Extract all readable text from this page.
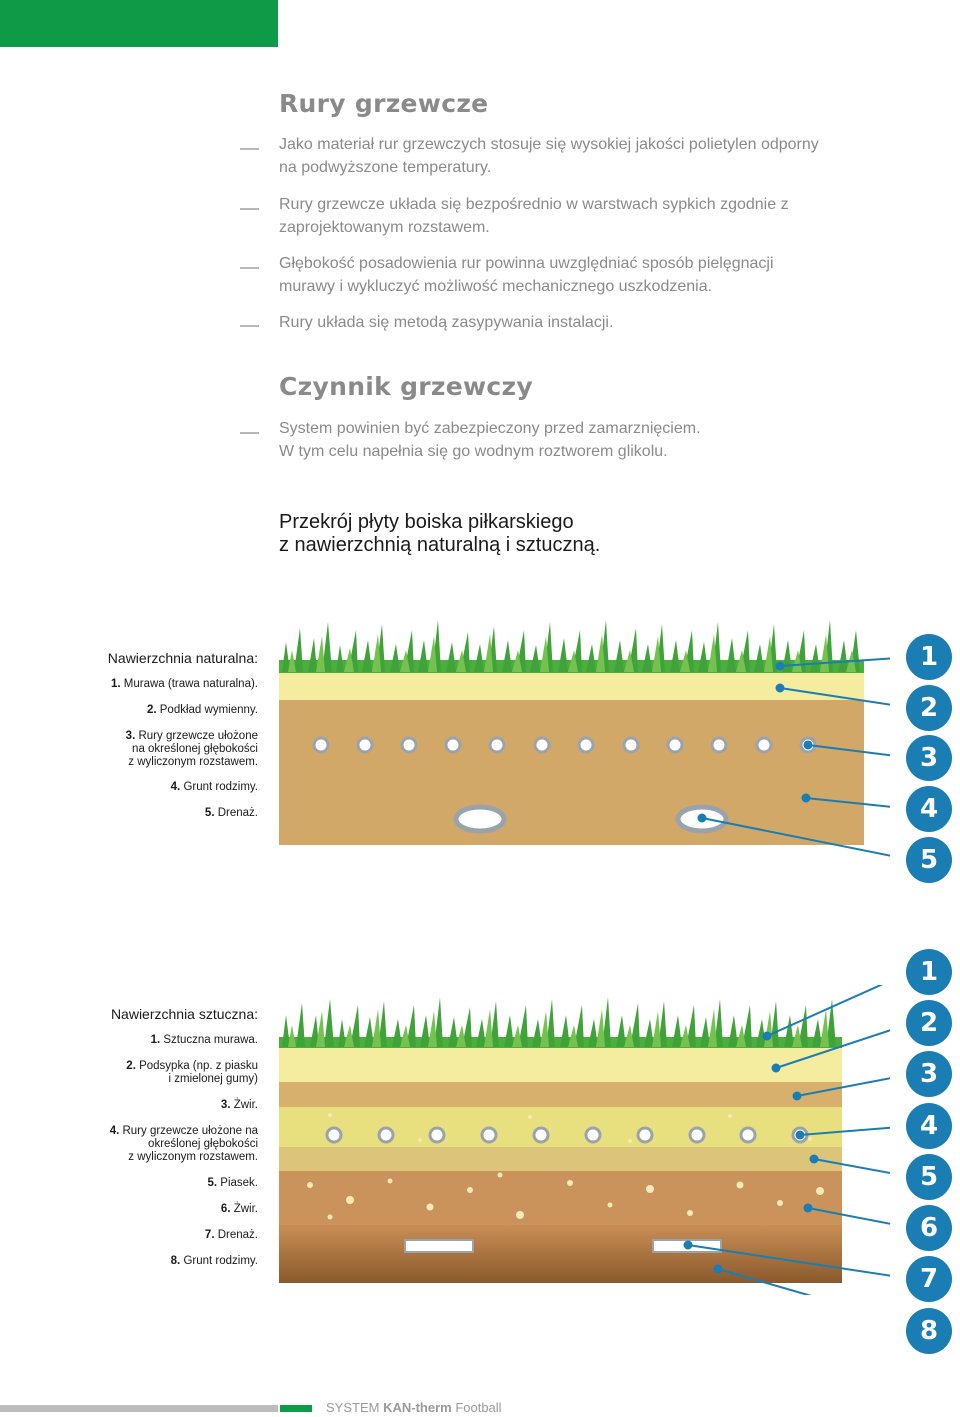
Rury grzewcze

Jako materiał rur grzewczych stosuje się wysokiej jakości polietylen odporny na podwyższone temperatury.

Rury grzewcze układa się bezpośrednio w warstwach sypkich zgodnie z zaprojektowanym rozstawem.

Głębokość posadowienia rur powinna uwzględniać sposób pielęgnacji murawy i wykluczyć możliwość mechanicznego uszkodzenia.

Rury układa się metodą zasypywania instalacji.

Czynnik grzewczy

System powinien być zabezpieczony przed zamarznięciem. W tym celu napełnia się go wodnym roztworem glikolu.

Przekrój płyty boiska piłkarskiego
z nawierzchnią naturalną i sztuczną.
Nawierzchnia naturalna:
1. Murawa (trawa naturalna).
2. Podkład wymienny.
3. Rury grzewcze ułożone
na określonej głębokości
z wyliczonym rozstawem.
4. Grunt rodzimy.
5. Drenaż.
1
2
3
4
5
Nawierzchnia sztuczna:
1. Sztuczna murawa.
2. Podsypka (np. z piasku
i zmielonej gumy)
3. Żwir.
4. Rury grzewcze ułożone na
określonej głębokości
z wyliczonym rozstawem.
5. Piasek.
6. Żwir.
7. Drenaż.
8. Grunt rodzimy.
1
2
3
4
5
6
7
8
SYSTEM KAN-therm Football
